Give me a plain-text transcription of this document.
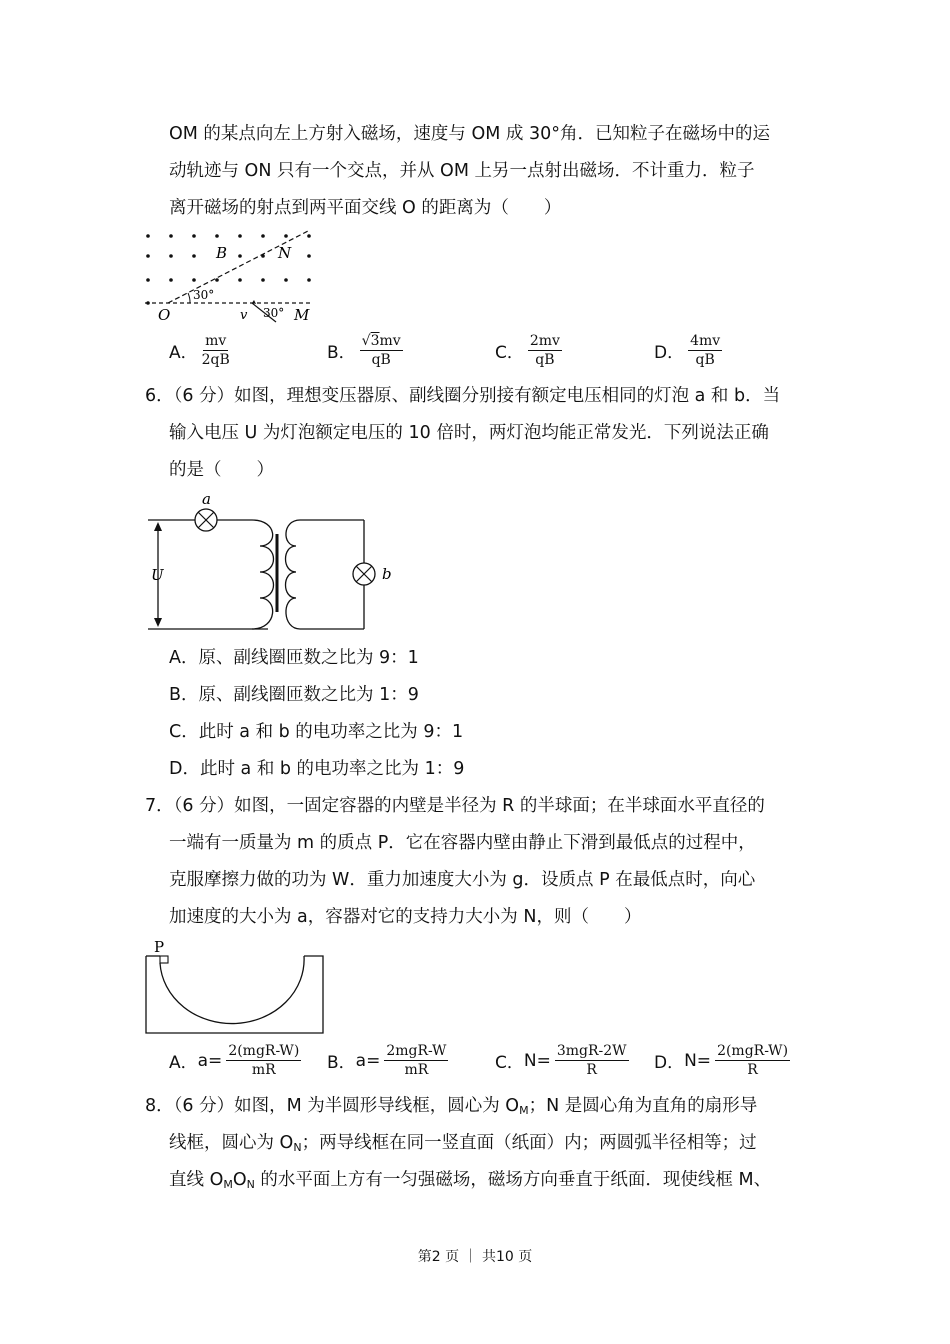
OM 的某点向左上方射入磁场，速度与 OM 成 30°角．已知粒子在磁场中的运
动轨迹与 ON 只有一个交点，并从 OM 上另一点射出磁场．不计重力．粒子
离开磁场的射点到两平面交线 O 的距离为（　　）
30°
30°
v
B	N
O	M
A． $\frac{mv}{2qB}$	B． $\frac{√3mv}{qB}$	C． $\frac{2mv}{qB}$	D． $\frac{4mv}{qB}$
6．（6 分）如图，理想变压器原、副线圈分别接有额定电压相同的灯泡 a 和 b．当
输入电压 U 为灯泡额定电压的 10 倍时，两灯泡均能正常发光．下列说法正确
的是（　　）
U
a
b
A．原、副线圈匝数之比为 9：1
B．原、副线圈匝数之比为 1：9
C．此时 a 和 b 的电功率之比为 9：1
D．此时 a 和 b 的电功率之比为 1：9
7．（6 分）如图，一固定容器的内壁是半径为 R 的半球面；在半球面水平直径的
一端有一质量为 m 的质点 P．它在容器内壁由静止下滑到最低点的过程中，
克服摩擦力做的功为 W．重力加速度大小为 g．设质点 P 在最低点时，向心
加速度的大小为 a，容器对它的支持力大小为 N，则（　　）
P
A． $a= \frac{\text{2(mgR-W)}}{mR}$ B． $a= \frac{\text{2mgR-W}}{mR}$	C． $N= \frac{\text{3mgR-2W}}{R}$ D． $N= \frac{\text{2(mgR-W)}}{R}$
8．（6 分）如图，M 为半圆形导线框，圆心为 $O_M$；N 是圆心角为直角的扇形导
线框，圆心为 $O_N$；两导线框在同一竖直面（纸面）内；两圆弧半径相等；过
直线 $O_MO_N$ 的水平面上方有一匀强磁场，磁场方向垂直于纸面．现使线框 M、
第2 页 ｜ 共10 页
